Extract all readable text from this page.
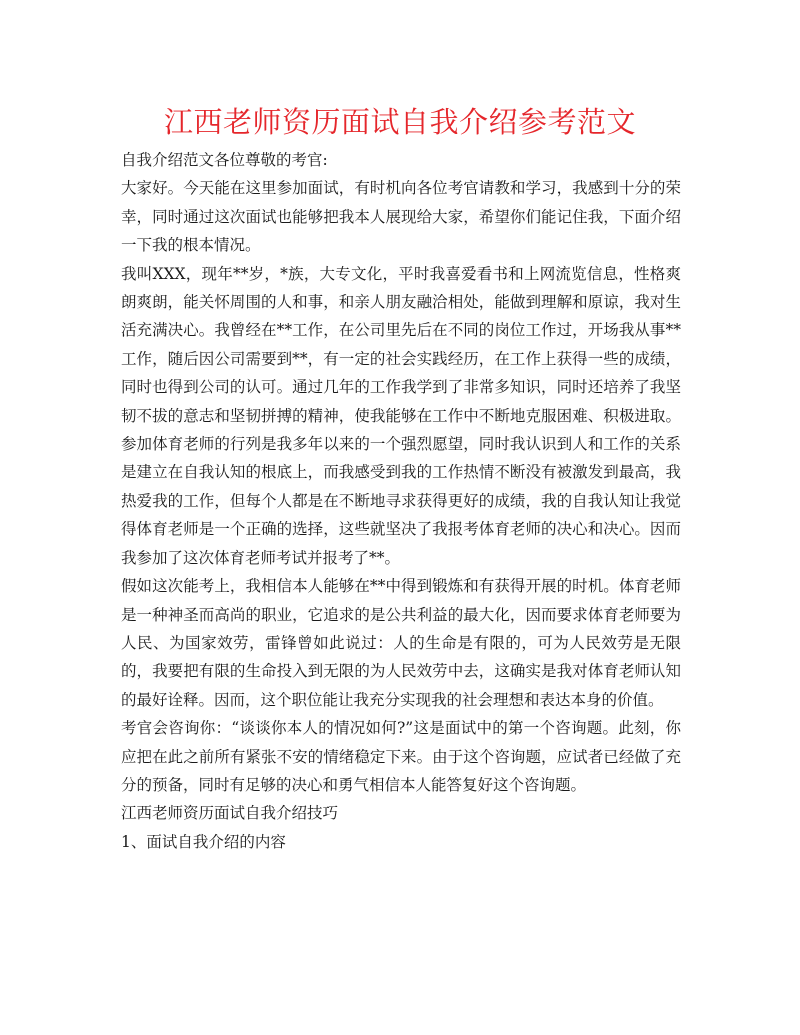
江西老师资历面试自我介绍参考范文

自我介绍范文各位尊敬的考官:

大家好。今天能在这里参加面试，有时机向各位考官请教和学习，我感到十分的荣幸，同时通过这次面试也能够把我本人展现给大家，希望你们能记住我，下面介绍一下我的根本情况。

我叫XXX，现年**岁，*族，大专文化，平时我喜爱看书和上网流览信息，性格爽朗爽朗，能关怀周围的人和事，和亲人朋友融洽相处，能做到理解和原谅，我对生活充满决心。我曾经在**工作，在公司里先后在不同的岗位工作过，开场我从事**工作，随后因公司需要到**，有一定的社会实践经历，在工作上获得一些的成绩，同时也得到公司的认可。通过几年的工作我学到了非常多知识，同时还培养了我坚韧不拔的意志和坚韧拼搏的精神，使我能够在工作中不断地克服困难、积极进取。参加体育老师的行列是我多年以来的一个强烈愿望，同时我认识到人和工作的关系是建立在自我认知的根底上，而我感受到我的工作热情不断没有被激发到最高，我热爱我的工作，但每个人都是在不断地寻求获得更好的成绩，我的自我认知让我觉得体育老师是一个正确的选择，这些就坚决了我报考体育老师的决心和决心。因而我参加了这次体育老师考试并报考了**。

假如这次能考上，我相信本人能够在**中得到锻炼和有获得开展的时机。体育老师是一种神圣而高尚的职业，它追求的是公共利益的最大化，因而要求体育老师要为人民、为国家效劳，雷锋曾如此说过：人的生命是有限的，可为人民效劳是无限的，我要把有限的生命投入到无限的为人民效劳中去，这确实是我对体育老师认知的最好诠释。因而，这个职位能让我充分实现我的社会理想和表达本身的价值。

考官会咨询你：“谈谈你本人的情况如何?”这是面试中的第一个咨询题。此刻，你应把在此之前所有紧张不安的情绪稳定下来。由于这个咨询题，应试者已经做了充分的预备，同时有足够的决心和勇气相信本人能答复好这个咨询题。

江西老师资历面试自我介绍技巧

1、面试自我介绍的内容
